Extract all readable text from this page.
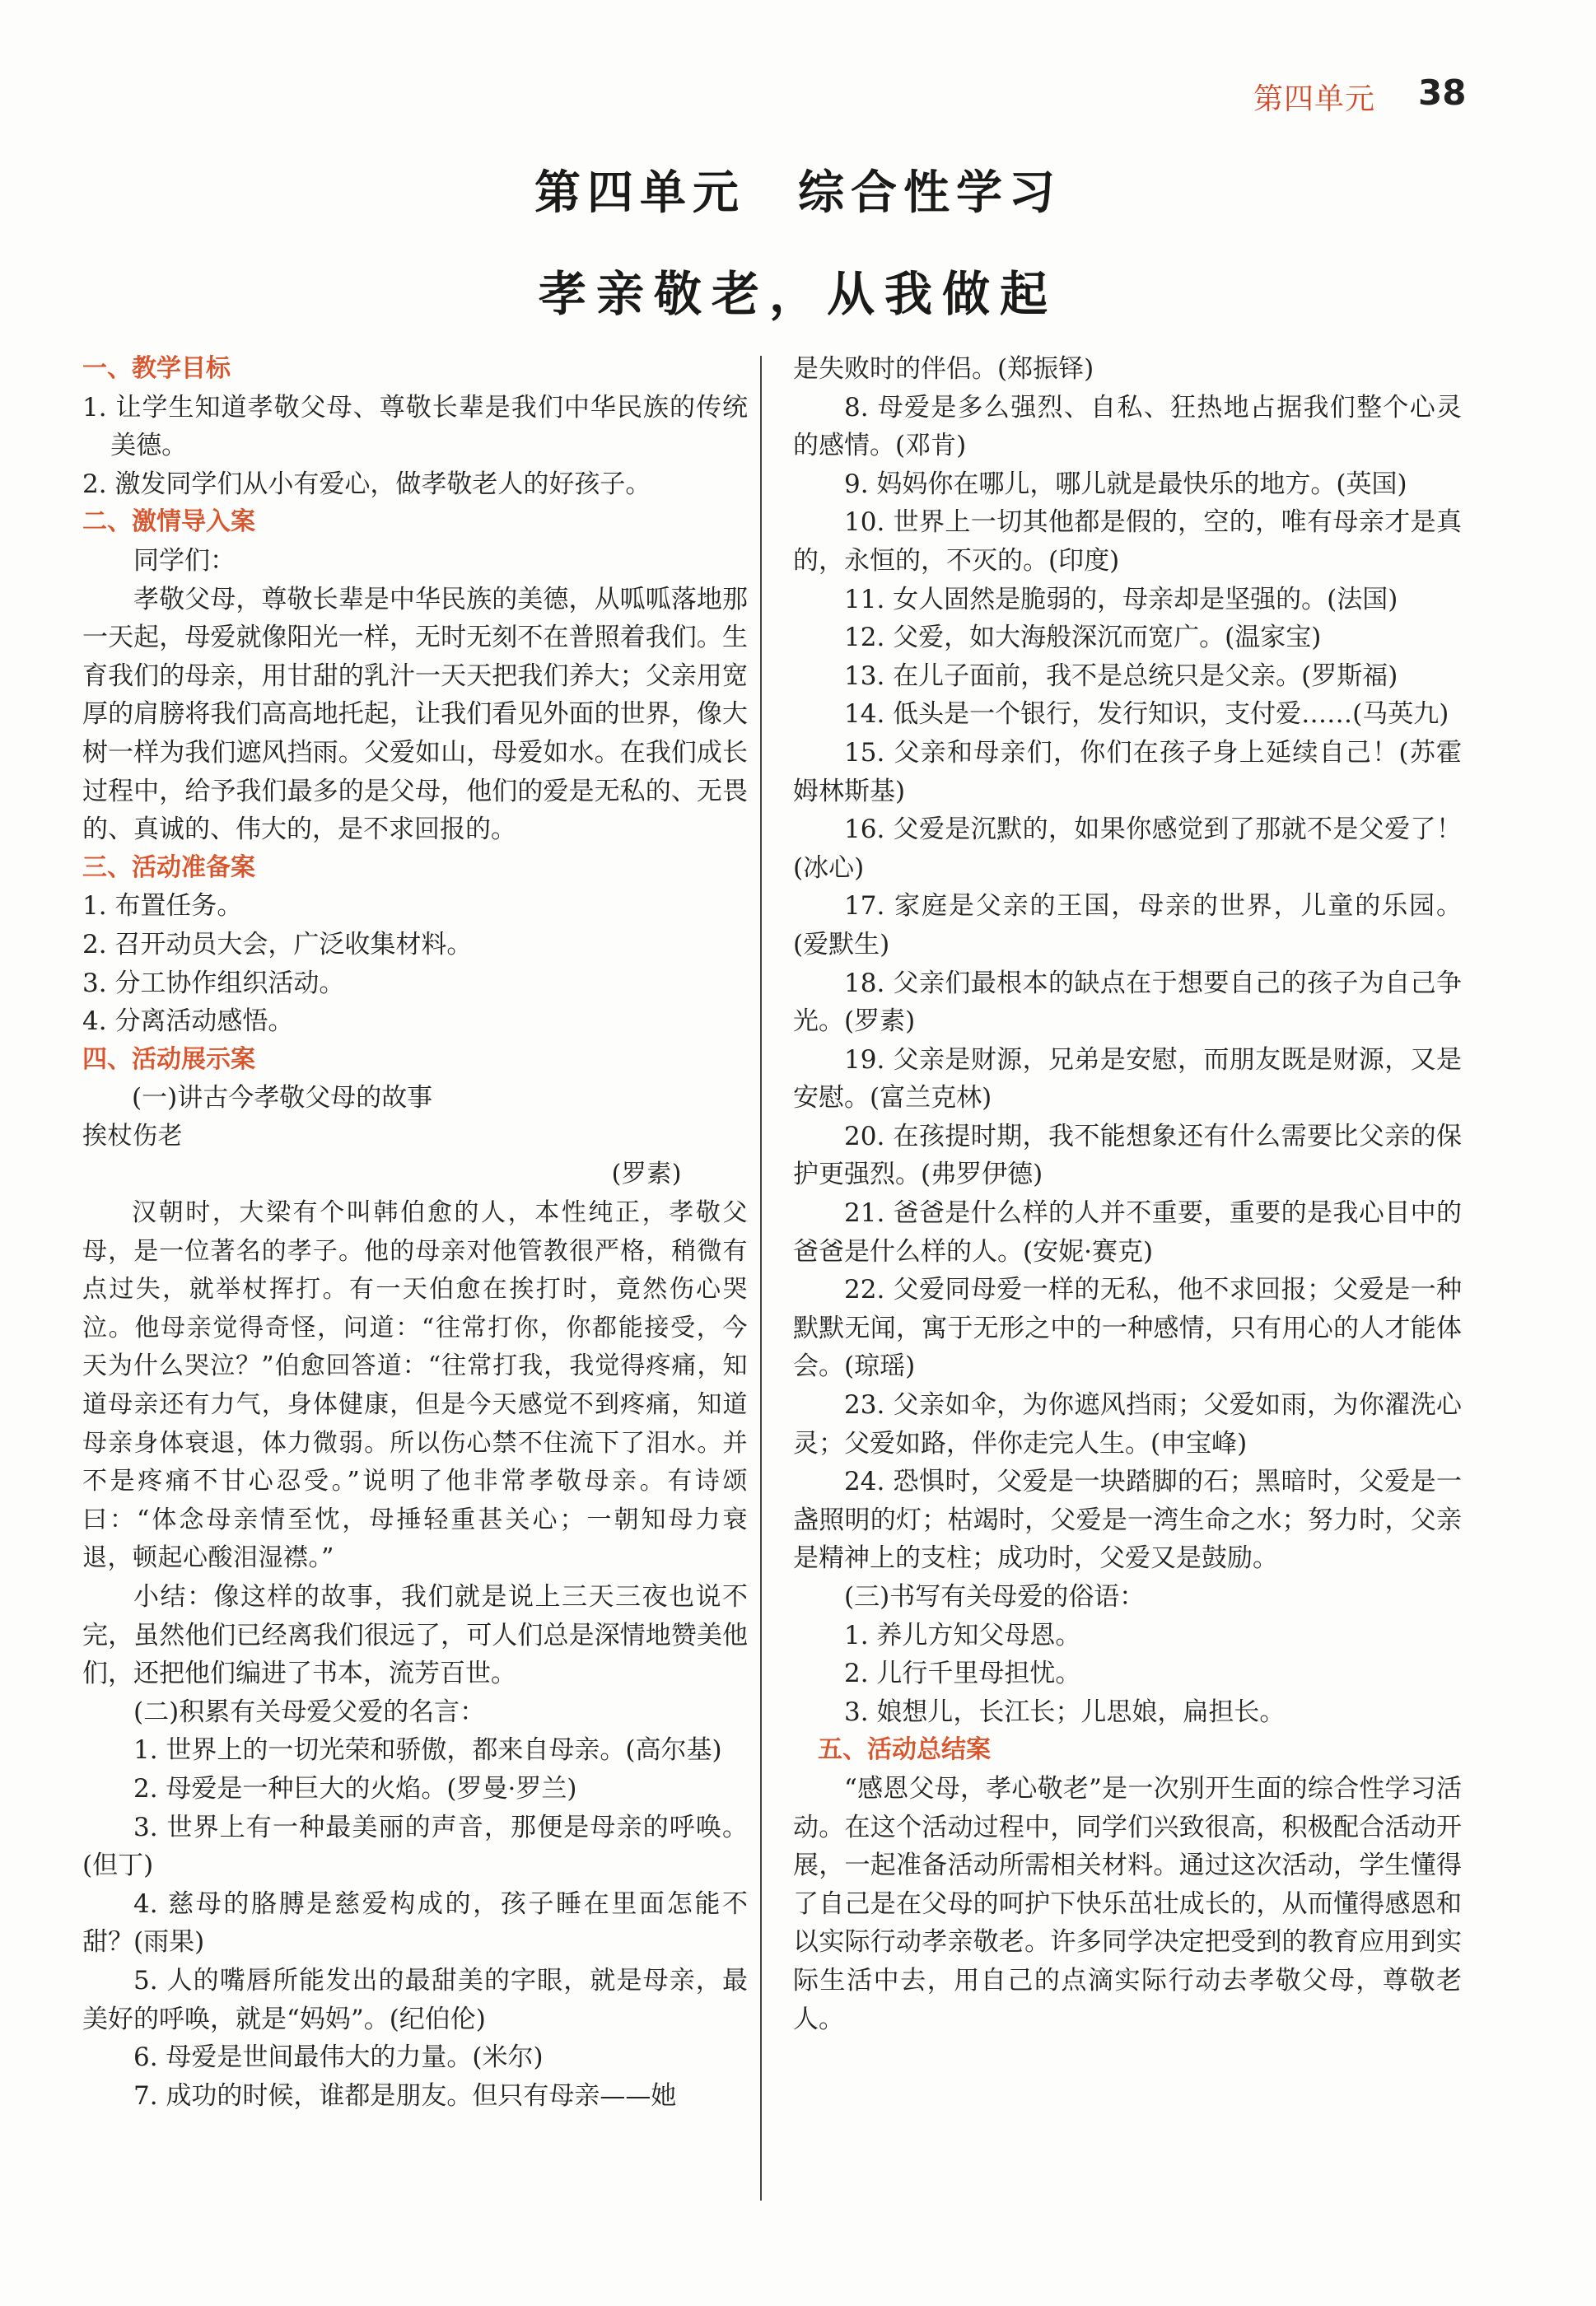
第四单元 38
第四单元　综合性学习
孝亲敬老，从我做起

一、教学目标

1. 让学生知道孝敬父母、尊敬长辈是我们中华民族的传统美德。

2. 激发同学们从小有爱心，做孝敬老人的好孩子。

二、激情导入案

同学们：

孝敬父母，尊敬长辈是中华民族的美德，从呱呱落地那一天起，母爱就像阳光一样，无时无刻不在普照着我们。生育我们的母亲，用甘甜的乳汁一天天把我们养大；父亲用宽厚的肩膀将我们高高地托起，让我们看见外面的世界，像大树一样为我们遮风挡雨。父爱如山，母爱如水。在我们成长过程中，给予我们最多的是父母，他们的爱是无私的、无畏的、真诚的、伟大的，是不求回报的。

三、活动准备案

1. 布置任务。

2. 召开动员大会，广泛收集材料。

3. 分工协作组织活动。

4. 分离活动感悟。

四、活动展示案

(一)讲古今孝敬父母的故事

挨杖伤老

(罗素)

汉朝时，大梁有个叫韩伯愈的人，本性纯正，孝敬父母，是一位著名的孝子。他的母亲对他管教很严格，稍微有点过失，就举杖挥打。有一天伯愈在挨打时，竟然伤心哭泣。他母亲觉得奇怪，问道：“往常打你，你都能接受，今天为什么哭泣？”伯愈回答道：“往常打我，我觉得疼痛，知道母亲还有力气，身体健康，但是今天感觉不到疼痛，知道母亲身体衰退，体力微弱。所以伤心禁不住流下了泪水。并不是疼痛不甘心忍受。”说明了他非常孝敬母亲。有诗颂曰：“体念母亲情至忱，母捶轻重甚关心；一朝知母力衰退，顿起心酸泪湿襟。”

小结：像这样的故事，我们就是说上三天三夜也说不完，虽然他们已经离我们很远了，可人们总是深情地赞美他们，还把他们编进了书本，流芳百世。

(二)积累有关母爱父爱的名言：

1. 世界上的一切光荣和骄傲，都来自母亲。(高尔基)

2. 母爱是一种巨大的火焰。(罗曼·罗兰)

3. 世界上有一种最美丽的声音，那便是母亲的呼唤。(但丁)

4. 慈母的胳膊是慈爱构成的，孩子睡在里面怎能不甜？(雨果)

5. 人的嘴唇所能发出的最甜美的字眼，就是母亲，最美好的呼唤，就是“妈妈”。(纪伯伦)

6. 母爱是世间最伟大的力量。(米尔)

7. 成功的时候，谁都是朋友。但只有母亲——她

是失败时的伴侣。(郑振铎)

8. 母爱是多么强烈、自私、狂热地占据我们整个心灵的感情。(邓肯)

9. 妈妈你在哪儿，哪儿就是最快乐的地方。(英国)

10. 世界上一切其他都是假的，空的，唯有母亲才是真的，永恒的，不灭的。(印度)

11. 女人固然是脆弱的，母亲却是坚强的。(法国)

12. 父爱，如大海般深沉而宽广。(温家宝)

13. 在儿子面前，我不是总统只是父亲。(罗斯福)

14. 低头是一个银行，发行知识，支付爱……(马英九)

15. 父亲和母亲们，你们在孩子身上延续自己！(苏霍姆林斯基)

16. 父爱是沉默的，如果你感觉到了那就不是父爱了！(冰心)

17. 家庭是父亲的王国，母亲的世界，儿童的乐园。(爱默生)

18. 父亲们最根本的缺点在于想要自己的孩子为自己争光。(罗素)

19. 父亲是财源，兄弟是安慰，而朋友既是财源，又是安慰。(富兰克林)

20. 在孩提时期，我不能想象还有什么需要比父亲的保护更强烈。(弗罗伊德)

21. 爸爸是什么样的人并不重要，重要的是我心目中的爸爸是什么样的人。(安妮·赛克)

22. 父爱同母爱一样的无私，他不求回报；父爱是一种默默无闻，寓于无形之中的一种感情，只有用心的人才能体会。(琼瑶)

23. 父亲如伞，为你遮风挡雨；父爱如雨，为你濯洗心灵；父爱如路，伴你走完人生。(申宝峰)

24. 恐惧时，父爱是一块踏脚的石；黑暗时，父爱是一盏照明的灯；枯竭时，父爱是一湾生命之水；努力时，父亲是精神上的支柱；成功时，父爱又是鼓励。

(三)书写有关母爱的俗语：

1. 养儿方知父母恩。

2. 儿行千里母担忧。

3. 娘想儿，长江长；儿思娘，扁担长。

五、活动总结案

“感恩父母，孝心敬老”是一次别开生面的综合性学习活动。在这个活动过程中，同学们兴致很高，积极配合活动开展，一起准备活动所需相关材料。通过这次活动，学生懂得了自己是在父母的呵护下快乐茁壮成长的，从而懂得感恩和以实际行动孝亲敬老。许多同学决定把受到的教育应用到实际生活中去，用自己的点滴实际行动去孝敬父母，尊敬老人。
